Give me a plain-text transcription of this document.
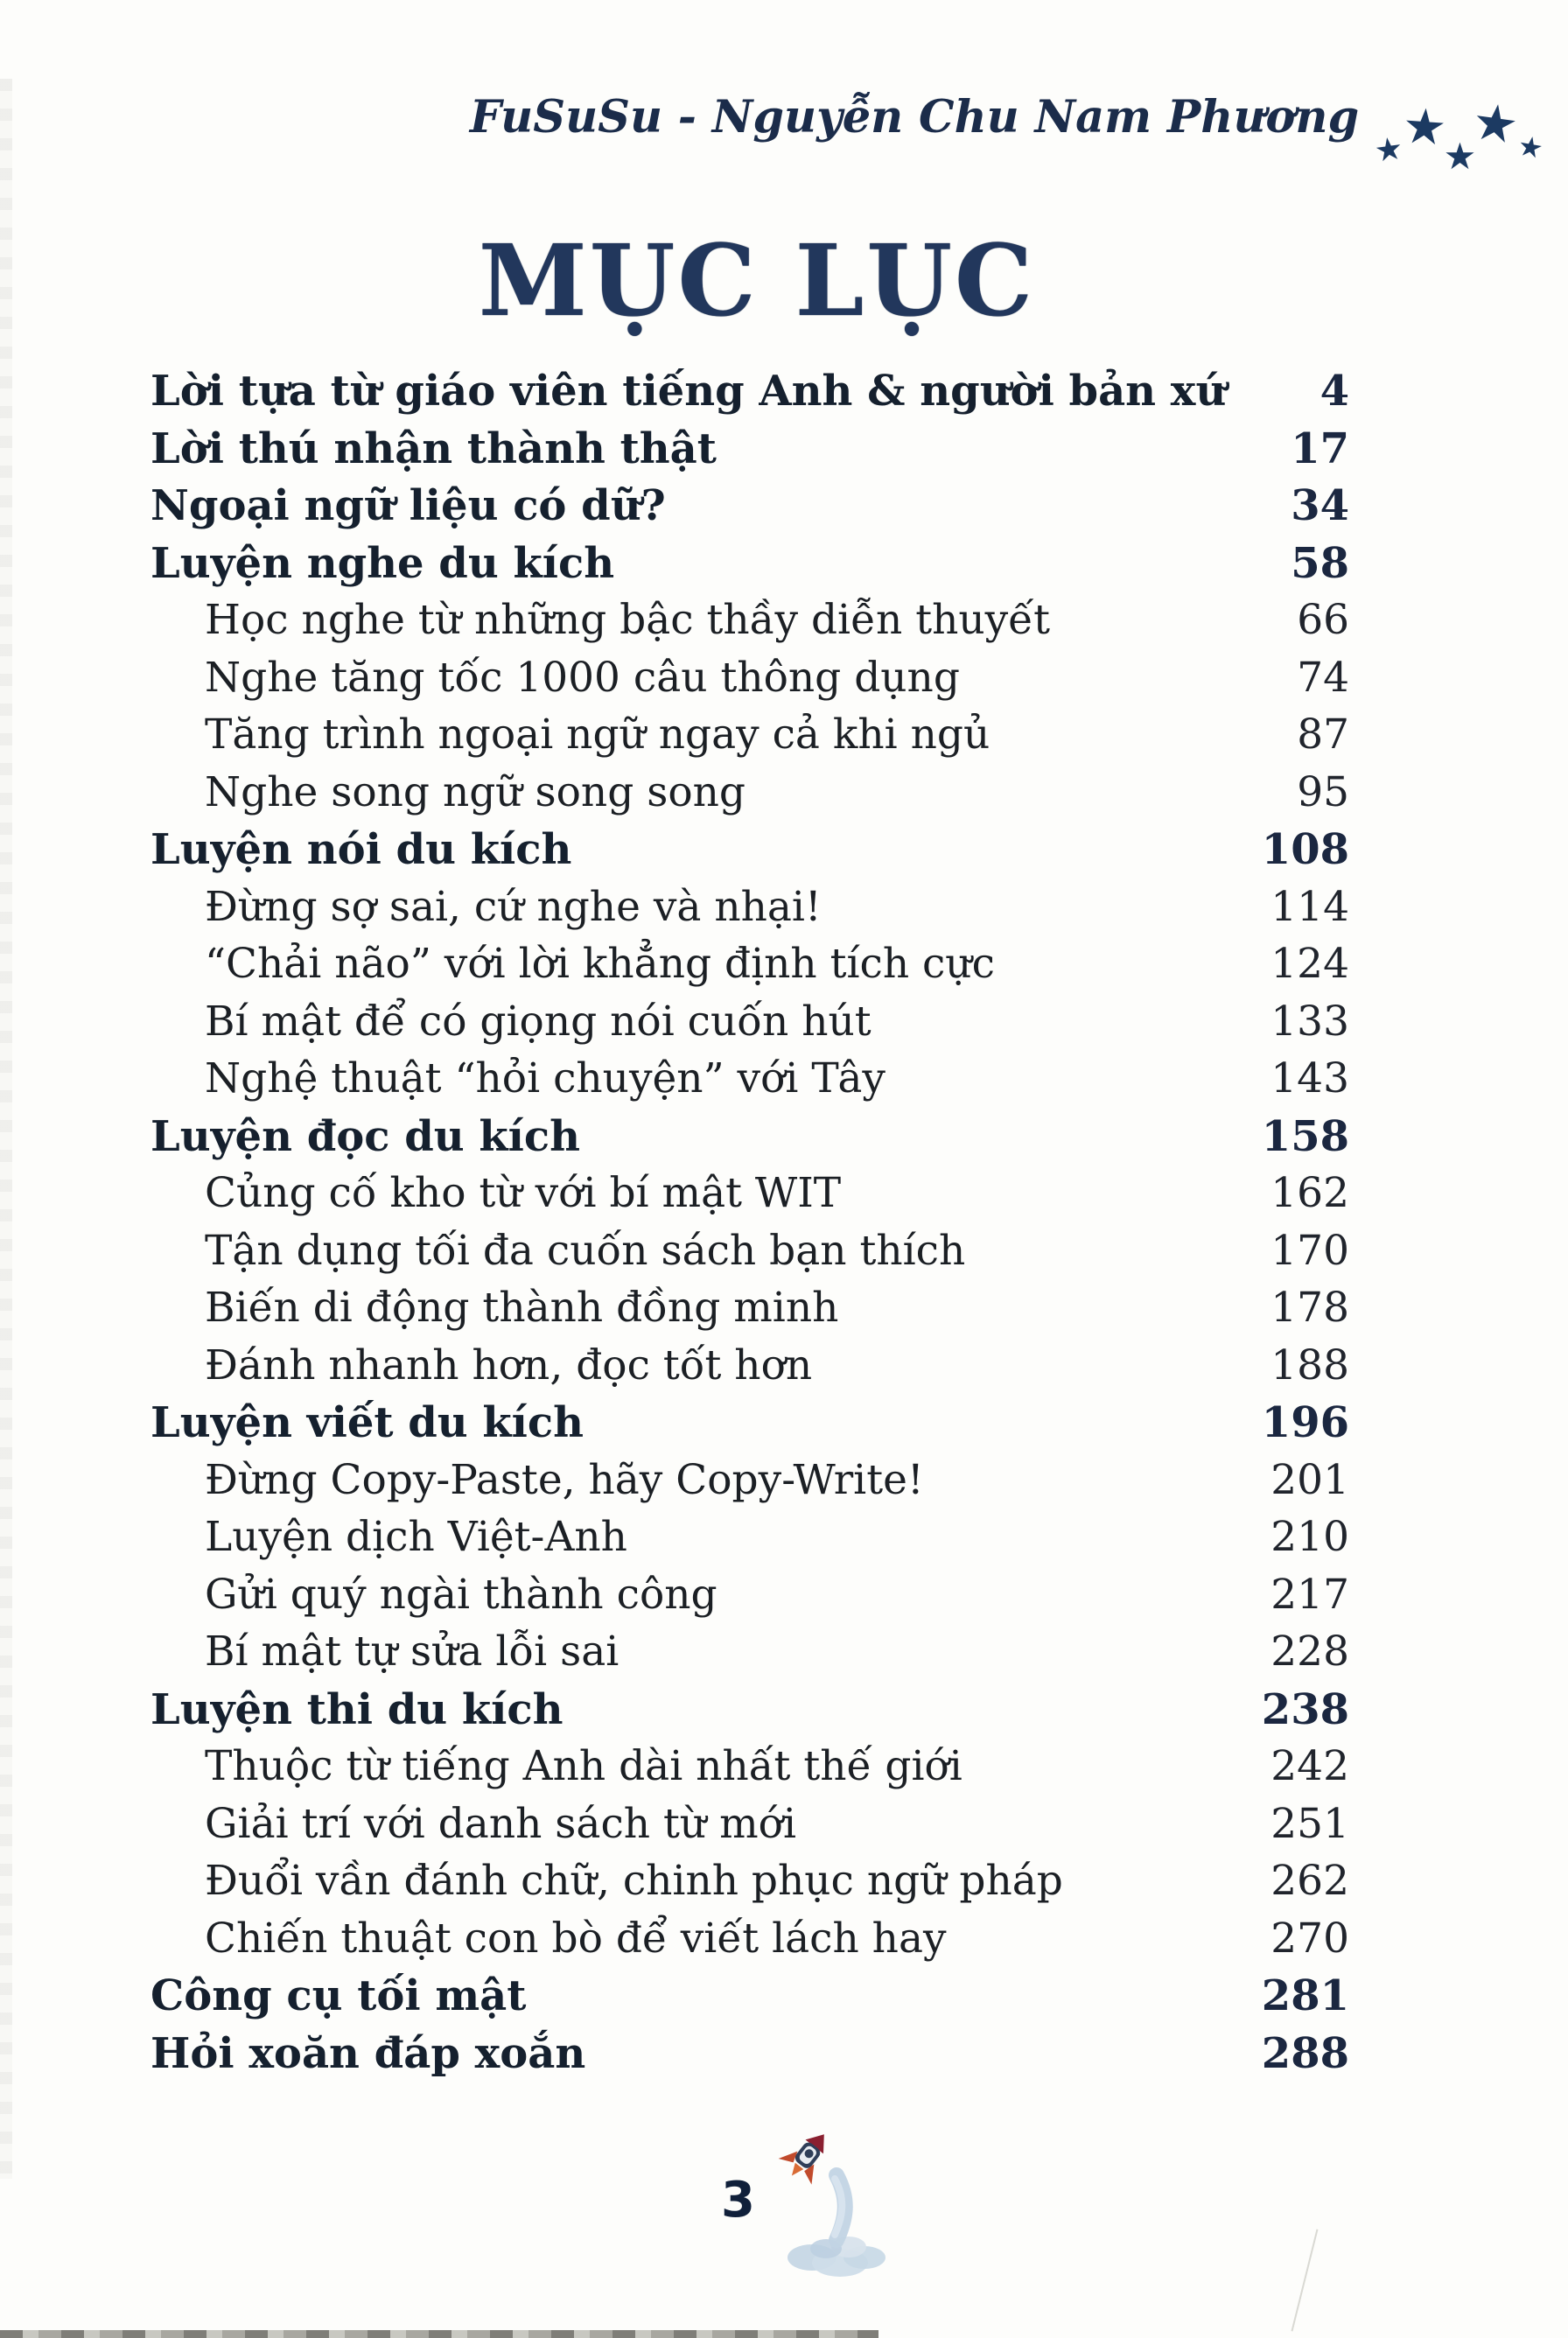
FuSuSu - Nguyễn Chu Nam Phương
★
★
★
★
★
MỤC LỤC
Lời tựa từ giáo viên tiếng Anh & người bản xứ	4
Lời thú nhận thành thật	17
Ngoại ngữ liệu có dữ?	34
Luyện nghe du kích	58
Học nghe từ những bậc thầy diễn thuyết	66
Nghe tăng tốc 1000 câu thông dụng	74
Tăng trình ngoại ngữ ngay cả khi ngủ	87
Nghe song ngữ song song	95
Luyện nói du kích	108
Đừng sợ sai, cứ nghe và nhại!	114
“Chải não” với lời khẳng định tích cực	124
Bí mật để có giọng nói cuốn hút	133
Nghệ thuật “hỏi chuyện” với Tây	143
Luyện đọc du kích	158
Củng cố kho từ với bí mật WIT	162
Tận dụng tối đa cuốn sách bạn thích	170
Biến di động thành đồng minh	178
Đánh nhanh hơn, đọc tốt hơn	188
Luyện viết du kích	196
Đừng Copy-Paste, hãy Copy-Write!	201
Luyện dịch Việt-Anh	210
Gửi quý ngài thành công	217
Bí mật tự sửa lỗi sai	228
Luyện thi du kích	238
Thuộc từ tiếng Anh dài nhất thế giới	242
Giải trí với danh sách từ mới	251
Đuổi vần đánh chữ, chinh phục ngữ pháp	262
Chiến thuật con bò để viết lách hay	270
Công cụ tối mật	281
Hỏi xoăn đáp xoắn	288
3
